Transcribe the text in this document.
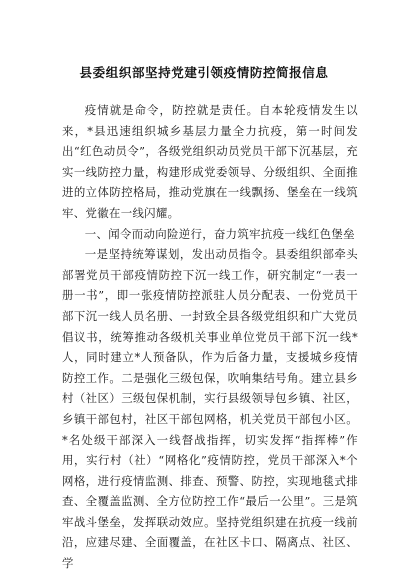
县委组织部坚持党建引领疫情防控简报信息

疫情就是命令，防控就是责任。自本轮疫情发生以来，*县迅速组织城乡基层力量全力抗疫，第一时间发出“红色动员令”，各级党组织动员党员干部下沉基层，充实一线防控力量，构建形成党委领导、分级组织、全面推进的立体防控格局，推动党旗在一线飘扬、堡垒在一线筑牢、党徽在一线闪耀。

一、闻令而动向险逆行，奋力筑牢抗疫一线红色堡垒

一是坚持统筹谋划，发出动员指令。县委组织部牵头部署党员干部疫情防控下沉一线工作，研究制定“一表一册一书”，即一张疫情防控派驻人员分配表、一份党员干部下沉一线人员名册、一封致全县各级党组织和广大党员倡议书，统筹推动各级机关事业单位党员干部下沉一线*人，同时建立*人预备队，作为后备力量，支援城乡疫情防控工作。二是强化三级包保，吹响集结号角。建立县乡村（社区）三级包保机制，实行县级领导包乡镇、社区，乡镇干部包村，社区干部包网格，机关党员干部包小区。*名处级干部深入一线督战指挥，切实发挥“指挥棒”作用，实行村（社）“网格化”疫情防控，党员干部深入*个网格，进行疫情监测、排查、预警、防控，实现地毯式排查、全覆盖监测、全方位防控工作“最后一公里”。三是筑牢战斗堡垒，发挥联动效应。坚持党组织建在抗疫一线前沿，应建尽建、全面覆盖，在社区卡口、隔离点、社区、学
